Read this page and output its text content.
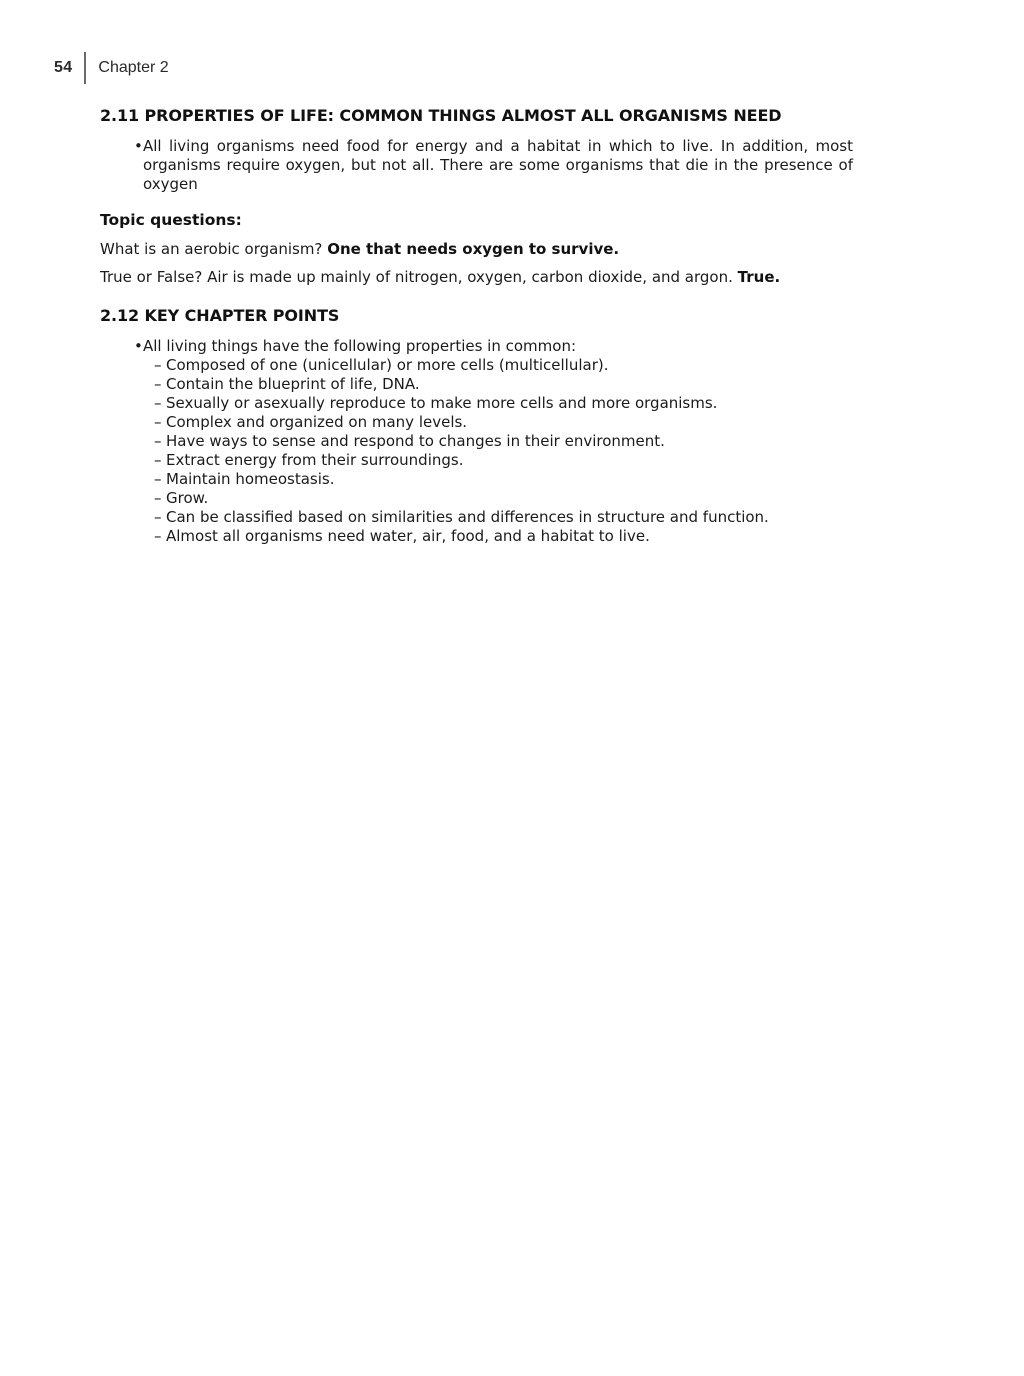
54 Chapter 2
2.11 PROPERTIES OF LIFE: COMMON THINGS ALMOST ALL ORGANISMS NEED
• All living organisms need food for energy and a habitat in which to live. In addition, most organisms require oxygen, but not all. There are some organisms that die in the presence of oxygen
Topic questions:

What is an aerobic organism? One that needs oxygen to survive.

True or False? Air is made up mainly of nitrogen, oxygen, carbon dioxide, and argon. True.

2.12 KEY CHAPTER POINTS
• All living things have the following properties in common:
– Composed of one (unicellular) or more cells (multicellular).
– Contain the blueprint of life, DNA.
– Sexually or asexually reproduce to make more cells and more organisms.
– Complex and organized on many levels.
– Have ways to sense and respond to changes in their environment.
– Extract energy from their surroundings.
– Maintain homeostasis.
– Grow.
– Can be classified based on similarities and differences in structure and function.
– Almost all organisms need water, air, food, and a habitat to live.
